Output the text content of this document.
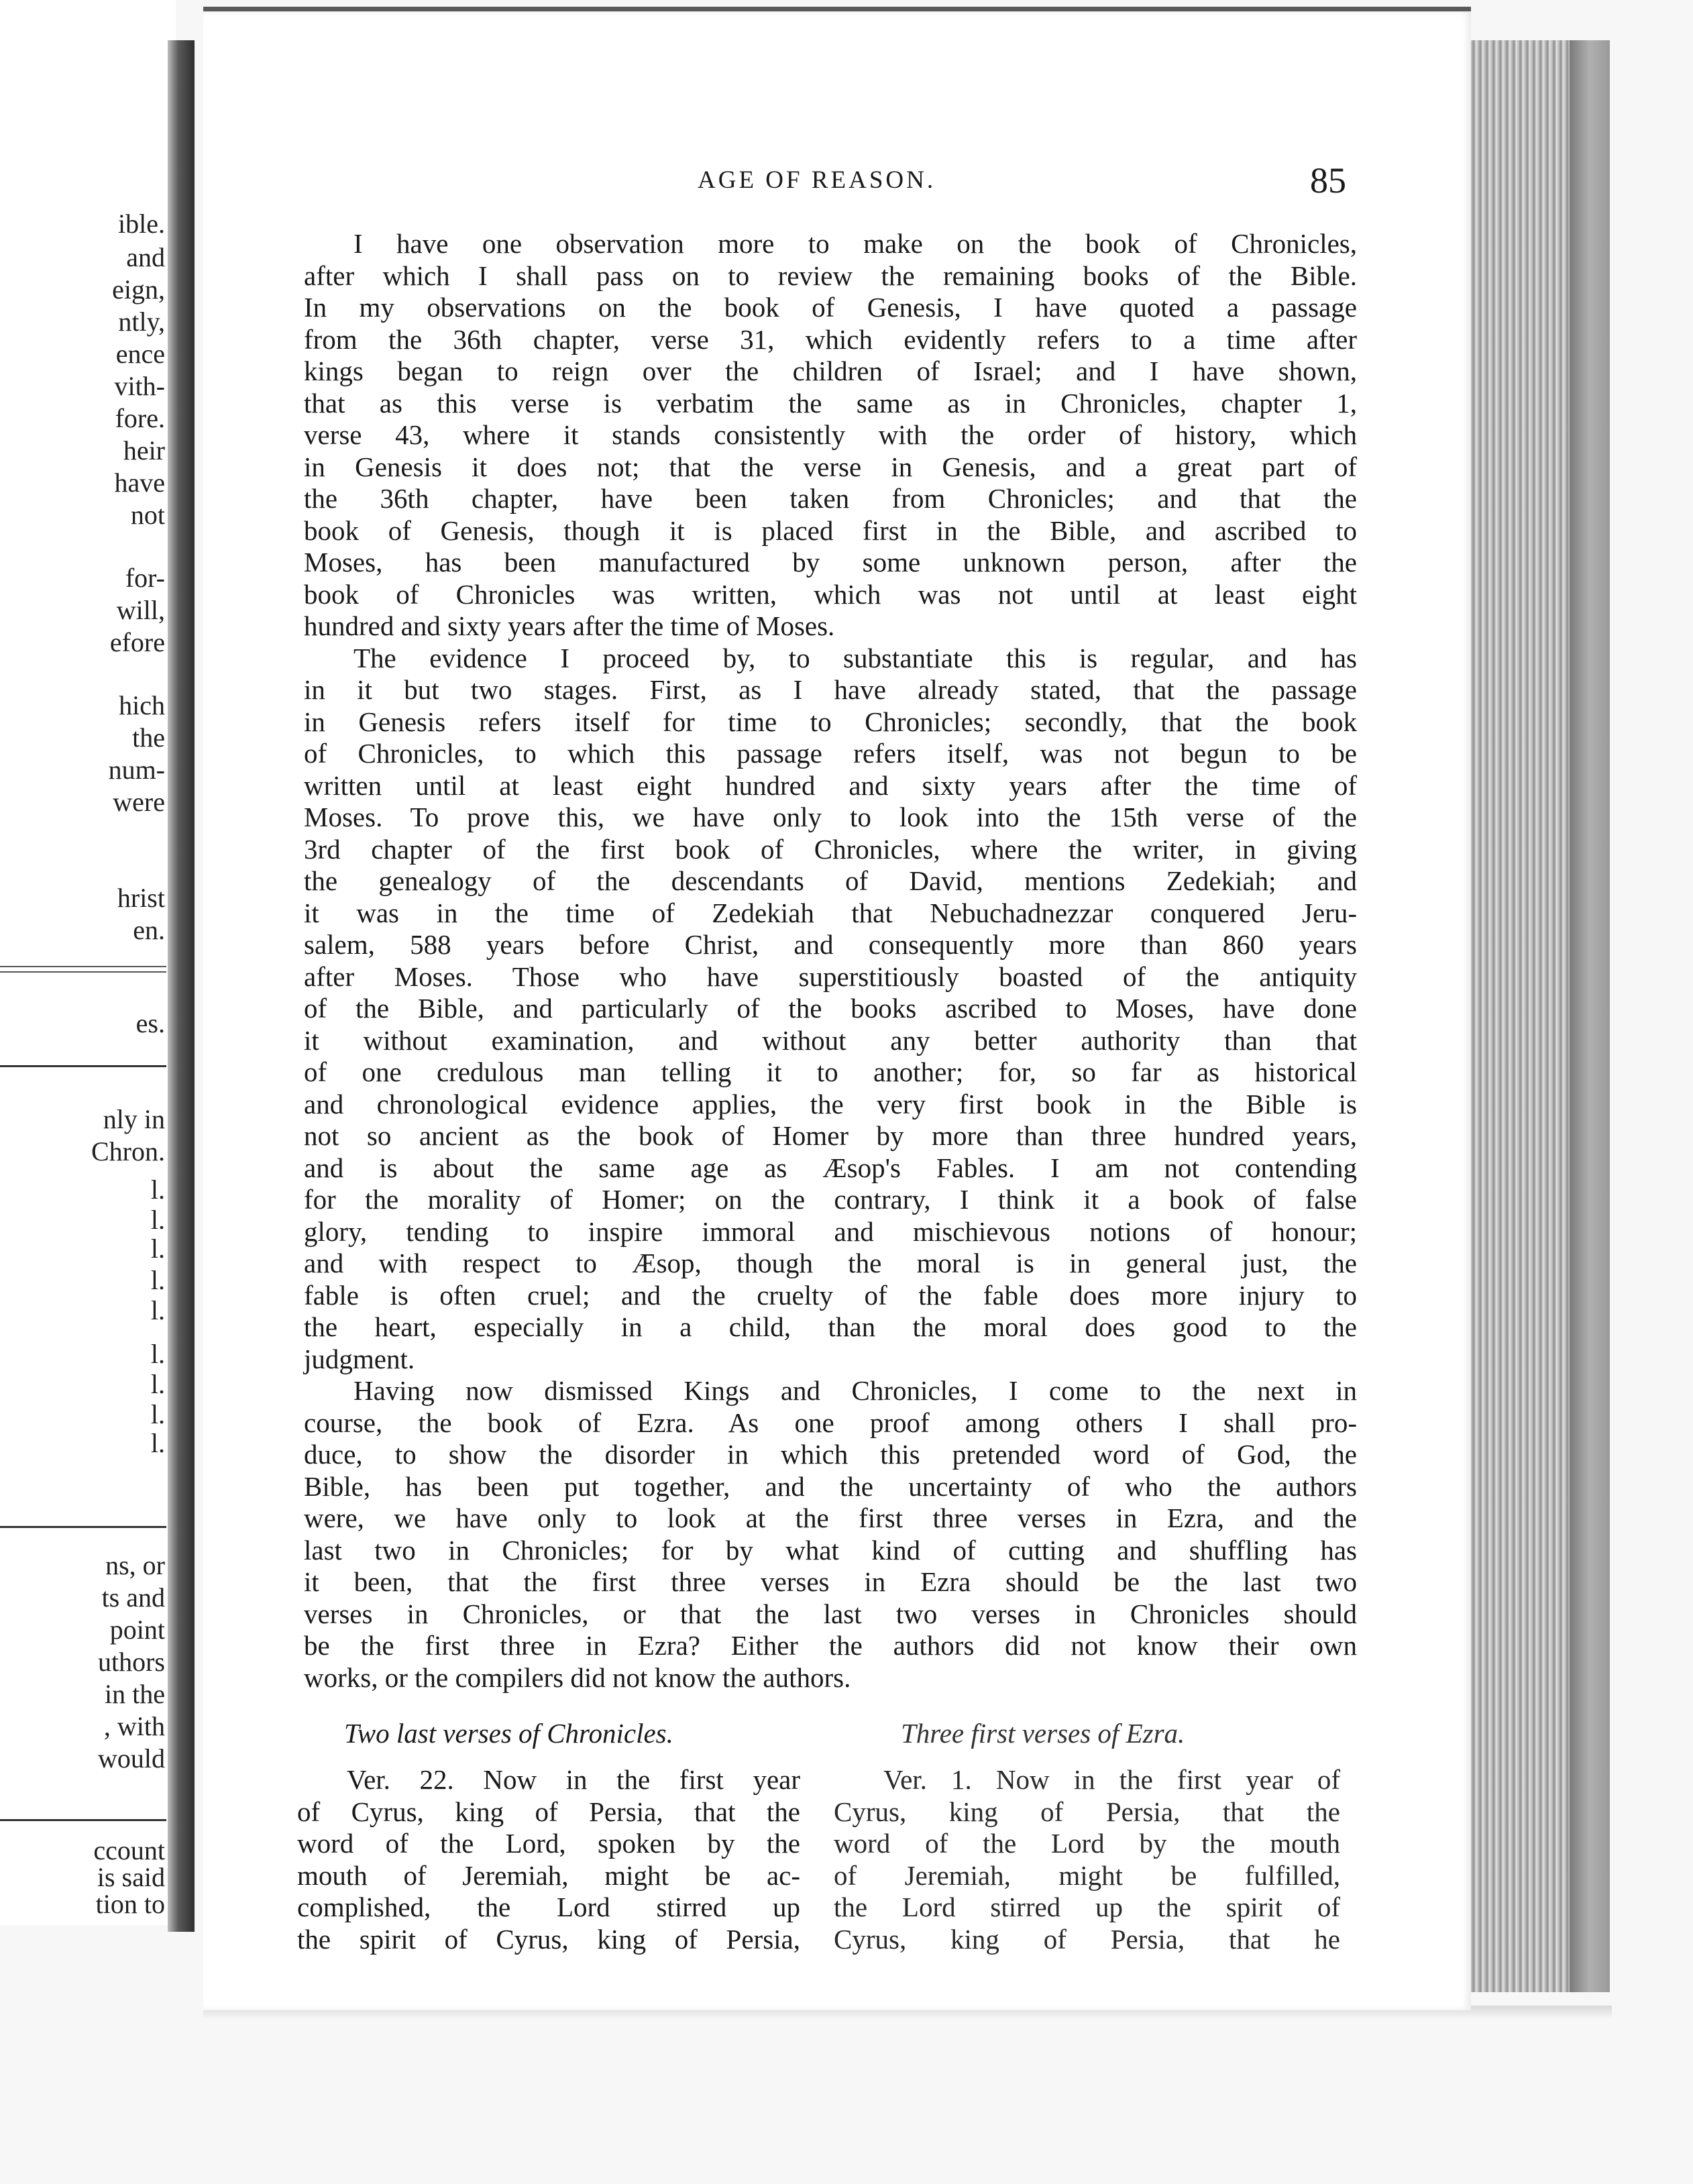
ible.
and
eign,
ntly,
ence
vith-
fore.
heir
have
not
for-
will,
efore
hich
the
num-
were
hrist
en.
es.
nly in
Chron.
l.
l.
l.
l.
l.
l.
l.
l.
l.
ns, or
ts and
point
uthors
in the
, with
would
ccount
is said
tion to
AGE OF REASON.	85
I have one observation more to make on the book of Chronicles,
after which I shall pass on to review the remaining books of the Bible.
In my observations on the book of Genesis, I have quoted a passage
from the 36th chapter, verse 31, which evidently refers to a time after
kings began to reign over the children of Israel; and I have shown,
that as this verse is verbatim the same as in Chronicles, chapter 1,
verse 43, where it stands consistently with the order of history, which
in Genesis it does not; that the verse in Genesis, and a great part of
the 36th chapter, have been taken from Chronicles; and that the
book of Genesis, though it is placed first in the Bible, and ascribed to
Moses, has been manufactured by some unknown person, after the
book of Chronicles was written, which was not until at least eight
hundred and sixty years after the time of Moses.
The evidence I proceed by, to substantiate this is regular, and has
in it but two stages. First, as I have already stated, that the passage
in Genesis refers itself for time to Chronicles; secondly, that the book
of Chronicles, to which this passage refers itself, was not begun to be
written until at least eight hundred and sixty years after the time of
Moses. To prove this, we have only to look into the 15th verse of the
3rd chapter of the first book of Chronicles, where the writer, in giving
the genealogy of the descendants of David, mentions Zedekiah; and
it was in the time of Zedekiah that Nebuchadnezzar conquered Jeru-
salem, 588 years before Christ, and consequently more than 860 years
after Moses. Those who have superstitiously boasted of the antiquity
of the Bible, and particularly of the books ascribed to Moses, have done
it without examination, and without any better authority than that
of one credulous man telling it to another; for, so far as historical
and chronological evidence applies, the very first book in the Bible is
not so ancient as the book of Homer by more than three hundred years,
and is about the same age as Æsop's Fables. I am not contending
for the morality of Homer; on the contrary, I think it a book of false
glory, tending to inspire immoral and mischievous notions of honour;
and with respect to Æsop, though the moral is in general just, the
fable is often cruel; and the cruelty of the fable does more injury to
the heart, especially in a child, than the moral does good to the
judgment.
Having now dismissed Kings and Chronicles, I come to the next in
course, the book of Ezra. As one proof among others I shall pro-
duce, to show the disorder in which this pretended word of God, the
Bible, has been put together, and the uncertainty of who the authors
were, we have only to look at the first three verses in Ezra, and the
last two in Chronicles; for by what kind of cutting and shuffling has
it been, that the first three verses in Ezra should be the last two
verses in Chronicles, or that the last two verses in Chronicles should
be the first three in Ezra? Either the authors did not know their own
works, or the compilers did not know the authors.
Two last verses of Chronicles.	Three first verses of Ezra.
Ver. 22. Now in the first year
of Cyrus, king of Persia, that the
word of the Lord, spoken by the
mouth of Jeremiah, might be ac-
complished, the Lord stirred up
the spirit of Cyrus, king of Persia,
Ver. 1. Now in the first year of
Cyrus, king of Persia, that the
word of the Lord by the mouth
of Jeremiah, might be fulfilled,
the Lord stirred up the spirit of
Cyrus, king of Persia, that he
